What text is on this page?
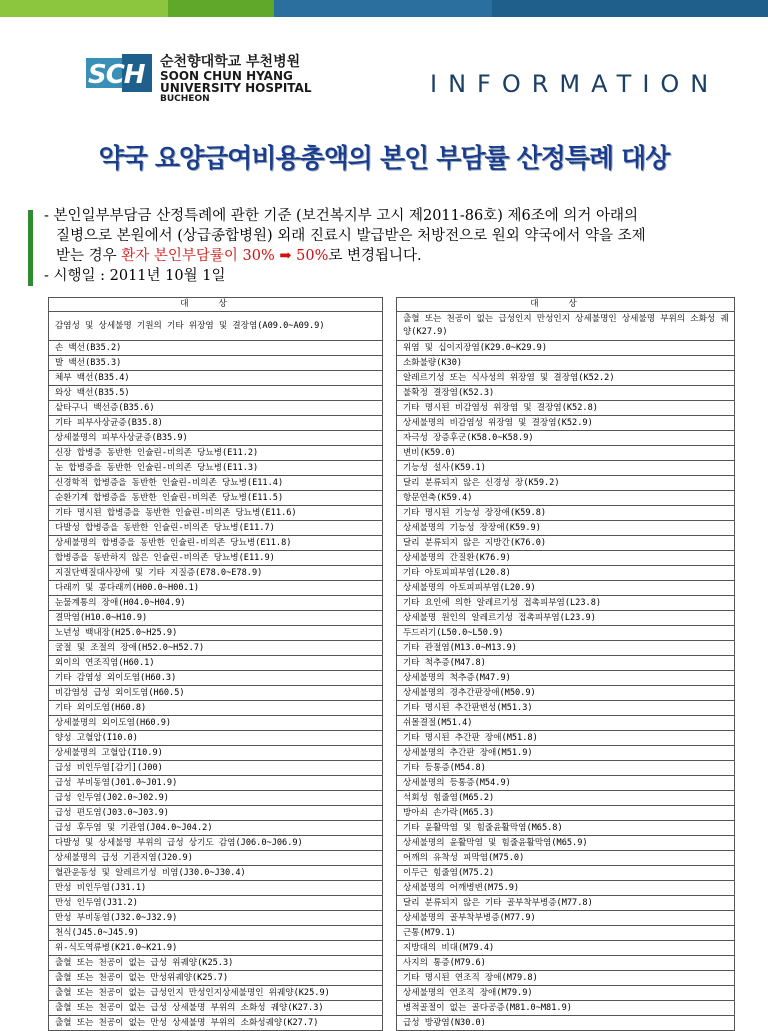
SCH 순천향대학교 부천병원
SOON CHUN HYANG
UNIVERSITY HOSPITAL
BUCHEON
INFORMATION
약국 요양급여비용총액의 본인 부담률 산정특례 대상

- 본인일부부담금 산정특례에 관한 기준 (보건복지부 고시 제2011-86호) 제6조에 의거 아래의

질병으로 본원에서 (상급종합병원) 외래 진료시 발급받은 처방전으로 원외 약국에서 약을 조제

받는 경우 환자 본인부담률이 30% ➡ 50%로 변경됩니다.

- 시행일 : 2011년 10월 1일

대상
감염성 및 상세불명 기원의 기타 위장염 및 결장염(A09.0~A09.9)
손 백선(B35.2)
발 백선(B35.3)
체부 백선(B35.4)
와상 백선(B35.5)
샅타구니 백선증(B35.6)
기타 피부사상균증(B35.8)
상세불명의 피부사상균증(B35.9)
신장 합병증 동반한 인슐린-비의존 당뇨병(E11.2)
눈 합병증을 동반한 인슐린-비의존 당뇨병(E11.3)
신경학적 합병증을 동반한 인슐린-비의존 당뇨병(E11.4)
순환기계 합병증을 동반한 인슐린-비의존 당뇨병(E11.5)
기타 명시된 합병증을 동반한 인슐린-비의존 당뇨병(E11.6)
다발성 합병증을 동반한 인슐린-비의존 당뇨병(E11.7)
상세불명의 합병증을 동반한 인슐린-비의존 당뇨병(E11.8)
합병증을 동반하지 않은 인슐린-비의존 당뇨병(E11.9)
지질단백질대사장애 및 기타 지질증(E78.0~E78.9)
다래끼 및 콩다래끼(H00.0~H00.1)
눈물계통의 장애(H04.0~H04.9)
결막염(H10.0~H10.9)
노년성 백내장(H25.0~H25.9)
굴절 및 조절의 장애(H52.0~H52.7)
외이의 연조직염(H60.1)
기타 감염성 외이도염(H60.3)
비감염성 급성 외이도염(H60.5)
기타 외이도염(H60.8)
상세불명의 외이도염(H60.9)
양성 고혈압(I10.0)
상세불명의 고혈압(I10.9)
급성 비인두염[감기](J00)
급성 부비동염(J01.0~J01.9)
급성 인두염(J02.0~J02.9)
급성 편도염(J03.0~J03.9)
급성 후두염 및 기관염(J04.0~J04.2)
다발성 및 상세불명 부위의 급성 상기도 감염(J06.0~J06.9)
상세불명의 급성 기관지염(J20.9)
혈관운동성 및 알레르기성 비염(J30.0~J30.4)
만성 비인두염(J31.1)
만성 인두염(J31.2)
만성 부비동염(J32.0~J32.9)
천식(J45.0~J45.9)
위-식도역류병(K21.0~K21.9)
출혈 또는 천공이 없는 급성 위궤양(K25.3)
출혈 또는 천공이 없는 만성위궤양(K25.7)
출혈 또는 천공이 없는 급성인지 만성인지상세불명인 위궤양(K25.9)
출혈 또는 천공이 없는 급성 상세불명 부위의 소화성 궤양(K27.3)
출혈 또는 천공이 없는 만성 상세불명 부위의 소화성궤양(K27.7)
대상
출혈 또는 천공이 없는 급성인지 만성인지 상세불명인 상세불명 부위의 소화성 궤양(K27.9)
위염 및 십이지장염(K29.0~K29.9)
소화불량(K30)
알레르기성 또는 식사성의 위장염 및 결장염(K52.2)
불확정 결장염(K52.3)
기타 명시된 비감염성 위장염 및 결장염(K52.8)
상세불명의 비감염성 위장염 및 결장염(K52.9)
자극성 장증후군(K58.0~K58.9)
변비(K59.0)
기능성 설사(K59.1)
달리 분류되지 않은 신경성 장(K59.2)
항문연축(K59.4)
기타 명시된 기능성 장장애(K59.8)
상세불명의 기능성 장장애(K59.9)
달리 분류되지 않은 지방간(K76.0)
상세불명의 간질환(K76.9)
기타 아토피피부염(L20.8)
상세불명의 아토피피부염(L20.9)
기타 요인에 의한 알레르기성 접촉피부염(L23.8)
상세불명 원인의 알레르기성 접촉피부염(L23.9)
두드러기(L50.0~L50.9)
기타 관절염(M13.0~M13.9)
기타 척추증(M47.8)
상세불명의 척추증(M47.9)
상세불명의 경추간판장애(M50.9)
기타 명시된 추간판변성(M51.3)
쉬몰결절(M51.4)
기타 명시된 추간판 장애(M51.8)
상세불명의 추간판 장애(M51.9)
기타 등통증(M54.8)
상세불명의 등통증(M54.9)
석회성 힘줄염(M65.2)
방아쇠 손가락(M65.3)
기타 윤활막염 및 힘줄윤활막염(M65.8)
상세불명의 윤활막염 및 힘줄윤활막염(M65.9)
어깨의 유착성 피막염(M75.0)
이두근 힘줄염(M75.2)
상세불명의 어깨병변(M75.9)
달리 분류되지 않은 기타 골부착부병증(M77.8)
상세불명의 골부착부병증(M77.9)
근통(M79.1)
지방대의 비대(M79.4)
사지의 통증(M79.6)
기타 명시된 연조직 장애(M79.8)
상세불명의 연조직 장애(M79.9)
병적골절이 없는 골다공증(M81.0~M81.9)
급성 방광염(N30.0)
